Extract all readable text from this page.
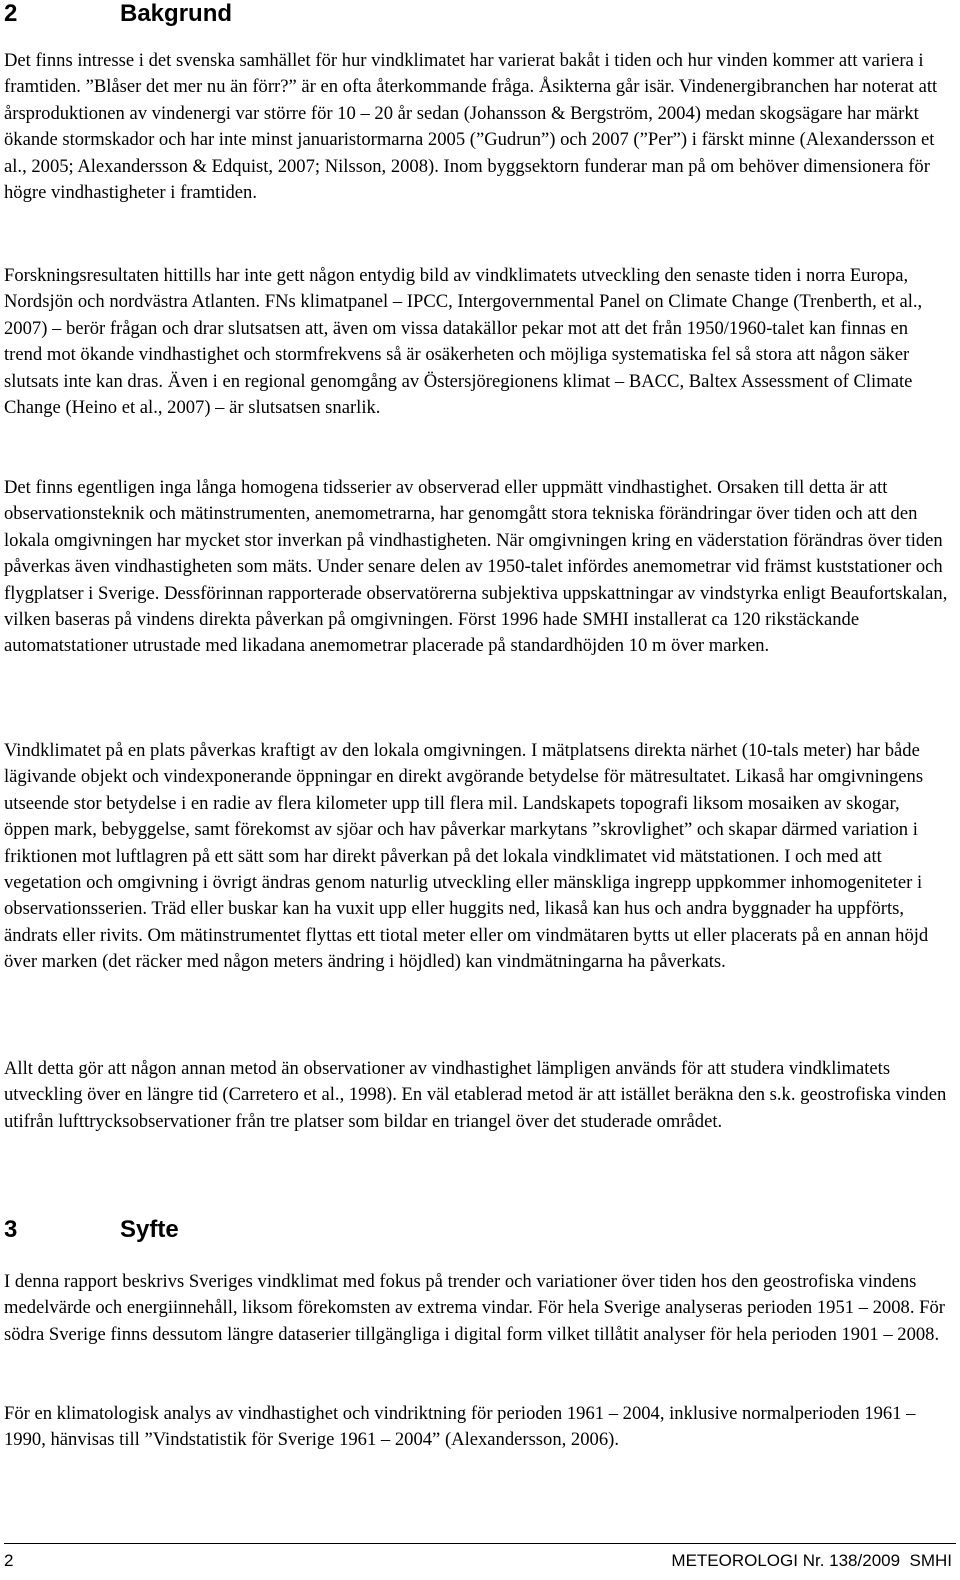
2	Bakgrund

Det finns intresse i det svenska samhället för hur vindklimatet har varierat bakåt i tiden och hur vinden kommer att variera i framtiden. ”Blåser det mer nu än förr?” är en ofta återkommande fråga. Åsikterna går isär. Vindenergibranchen har noterat att årsproduktionen av vindenergi var större för 10 – 20 år sedan (Johansson & Bergström, 2004) medan skogsägare har märkt ökande stormskador och har inte minst januaristormarna 2005 (”Gudrun”) och 2007 (”Per”) i färskt minne (Alexandersson et al., 2005; Alexandersson & Edquist, 2007; Nilsson, 2008). Inom byggsektorn funderar man på om behöver dimensionera för högre vindhastigheter i framtiden.

Forskningsresultaten hittills har inte gett någon entydig bild av vindklimatets utveckling den senaste tiden i norra Europa, Nordsjön och nordvästra Atlanten. FNs klimatpanel – IPCC, Intergovernmental Panel on Climate Change (Trenberth, et al., 2007) – berör frågan och drar slutsatsen att, även om vissa datakällor pekar mot att det från 1950/1960-talet kan finnas en trend mot ökande vindhastighet och stormfrekvens så är osäkerheten och möjliga systematiska fel så stora att någon säker slutsats inte kan dras. Även i en regional genomgång av Östersjöregionens klimat – BACC, Baltex Assessment of Climate Change (Heino et al., 2007) – är slutsatsen snarlik.

Det finns egentligen inga långa homogena tidsserier av observerad eller uppmätt vindhastighet. Orsaken till detta är att observationsteknik och mätinstrumenten, anemometrarna, har genomgått stora tekniska förändringar över tiden och att den lokala omgivningen har mycket stor inverkan på vindhastigheten. När omgivningen kring en väderstation förändras över tiden påverkas även vindhastigheten som mäts. Under senare delen av 1950-talet infördes anemometrar vid främst kuststationer och flygplatser i Sverige. Dessförinnan rapporterade observatörerna subjektiva uppskattningar av vindstyrka enligt Beaufortskalan, vilken baseras på vindens direkta påverkan på omgivningen. Först 1996 hade SMHI installerat ca 120 rikstäckande automatstationer utrustade med likadana anemometrar placerade på standardhöjden 10 m över marken.

Vindklimatet på en plats påverkas kraftigt av den lokala omgivningen. I mätplatsens direkta närhet (10-tals meter) har både lägivande objekt och vindexponerande öppningar en direkt avgörande betydelse för mätresultatet. Likaså har omgivningens utseende stor betydelse i en radie av flera kilometer upp till flera mil. Landskapets topografi liksom mosaiken av skogar, öppen mark, bebyggelse, samt förekomst av sjöar och hav påverkar markytans ”skrovlighet” och skapar därmed variation i friktionen mot luftlagren på ett sätt som har direkt påverkan på det lokala vindklimatet vid mätstationen. I och med att vegetation och omgivning i övrigt ändras genom naturlig utveckling eller mänskliga ingrepp uppkommer inhomogeniteter i observationsserien. Träd eller buskar kan ha vuxit upp eller huggits ned, likaså kan hus och andra byggnader ha uppförts, ändrats eller rivits. Om mätinstrumentet flyttas ett tiotal meter eller om vindmätaren bytts ut eller placerats på en annan höjd över marken (det räcker med någon meters ändring i höjdled) kan vindmätningarna ha påverkats.

Allt detta gör att någon annan metod än observationer av vindhastighet lämpligen används för att studera vindklimatets utveckling över en längre tid (Carretero et al., 1998). En väl etablerad metod är att istället beräkna den s.k. geostrofiska vinden utifrån lufttrycksobservationer från tre platser som bildar en triangel över det studerade området.

3	Syfte

I denna rapport beskrivs Sveriges vindklimat med fokus på trender och variationer över tiden hos den geostrofiska vindens medelvärde och energiinnehåll, liksom förekomsten av extrema vindar. För hela Sverige analyseras perioden 1951 – 2008. För södra Sverige finns dessutom längre dataserier tillgängliga i digital form vilket tillåtit analyser för hela perioden 1901 – 2008.

För en klimatologisk analys av vindhastighet och vindriktning för perioden 1961 – 2004, inklusive normalperioden 1961 – 1990, hänvisas till ”Vindstatistik för Sverige 1961 – 2004” (Alexandersson, 2006).

2	METEOROLOGI Nr. 138/2009  SMHI
